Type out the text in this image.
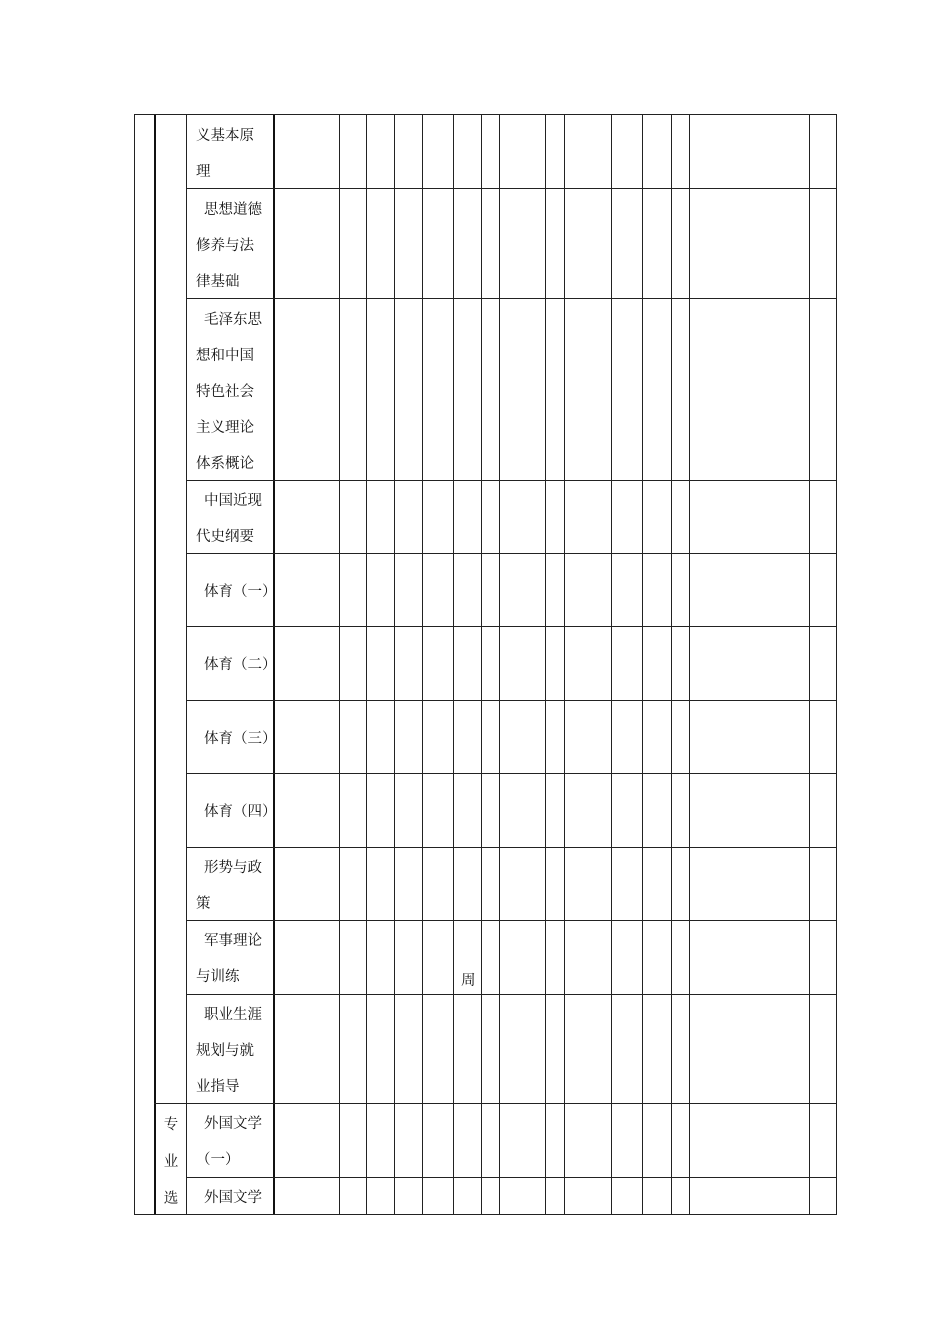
义基本原
理
思想道德
修养与法
律基础
毛泽东思
想和中国
特色社会
主义理论
体系概论
中国近现
代史纲要
体育（一）
体育（二）
体育（三）
体育（四）
形势与政
策
军事理论
与训练
职业生涯
规划与就
业指导
外国文学
（一）
外国文学
周
专
业
选
